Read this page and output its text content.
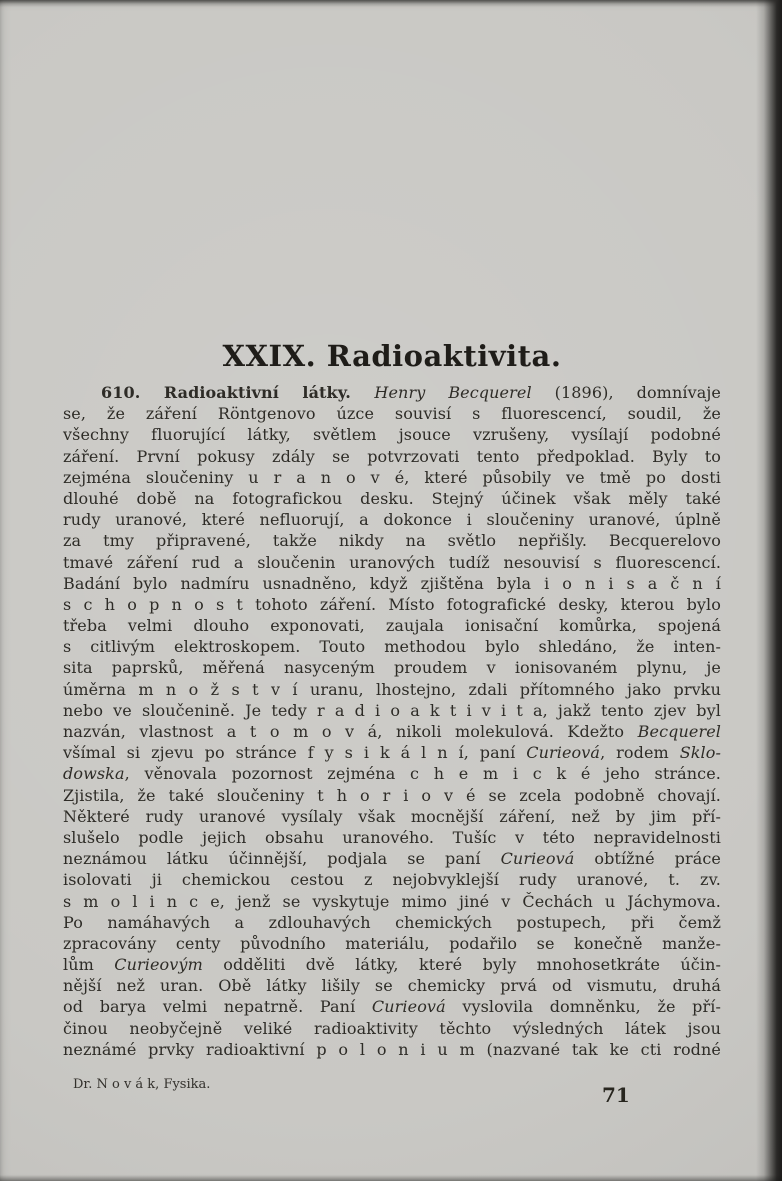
XXIX. Radioaktivita.
610. Radioaktivní látky. Henry Becquerel (1896), domnívaje
se, že záření Röntgenovo úzce souvisí s fluorescencí, soudil, že
všechny fluorující látky, světlem jsouce vzrušeny, vysílají podobné
záření. První pokusy zdály se potvrzovati tento předpoklad. Byly to
zejména sloučeniny u r a n o v é, které působily ve tmě po dosti
dlouhé době na fotografickou desku. Stejný účinek však měly také
rudy uranové, které nefluorují, a dokonce i sloučeniny uranové, úplně
za tmy připravené, takže nikdy na světlo nepřišly. Becquerelovo
tmavé záření rud a sloučenin uranových tudíž nesouvisí s fluorescencí.
Badání bylo nadmíru usnadněno, když zjištěna byla i o n i s a č n í
s c h o p n o s t tohoto záření. Místo fotografické desky, kterou bylo
třeba velmi dlouho exponovati, zaujala ionisační komůrka, spojená
s citlivým elektroskopem. Touto methodou bylo shledáno, že inten-
sita paprsků, měřená nasyceným proudem v ionisovaném plynu, je
úměrna m n o ž s t v í uranu, lhostejno, zdali přítomného jako prvku
nebo ve sloučenině. Je tedy r a d i o a k t i v i t a, jakž tento zjev byl
nazván, vlastnost a t o m o v á, nikoli molekulová. Kdežto Becquerel
všímal si zjevu po stránce f y s i k á l n í, paní Curieová, rodem Sklo-
dowska, věnovala pozornost zejména c h e m i c k é jeho stránce.
Zjistila, že také sloučeniny t h o r i o v é se zcela podobně chovají.
Některé rudy uranové vysílaly však mocnější záření, než by jim pří-
slušelo podle jejich obsahu uranového. Tušíc v této nepravidelnosti
neznámou látku účinnější, podjala se paní Curieová obtížné práce
isolovati ji chemickou cestou z nejobvyklejší rudy uranové, t. zv.
s m o l i n c e, jenž se vyskytuje mimo jiné v Čechách u Jáchymova.
Po namáhavých a zdlouhavých chemických postupech, při čemž
zpracovány centy původního materiálu, podařilo se konečně manže-
lům Curieovým odděliti dvě látky, které byly mnohosetkráte účin-
nější než uran. Obě látky lišily se chemicky prvá od vismutu, druhá
od barya velmi nepatrně. Paní Curieová vyslovila domněnku, že pří-
činou neobyčejně veliké radioaktivity těchto výsledných látek jsou
neznámé prvky radioaktivní p o l o n i u m (nazvané tak ke cti rodné
Dr. N o v á k, Fysika.	71
